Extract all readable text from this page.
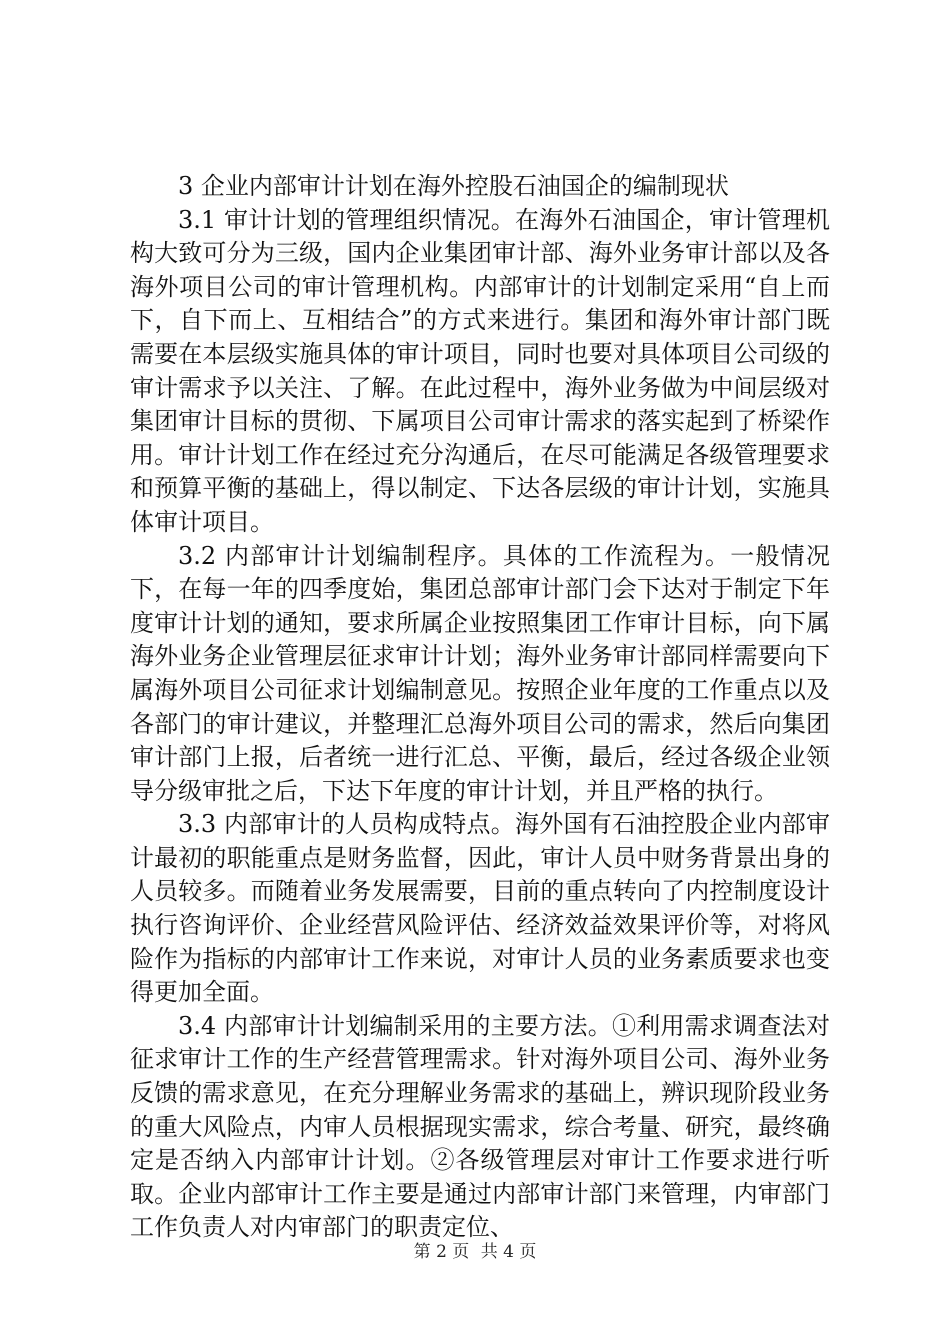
3 企业内部审计计划在海外控股石油国企的编制现状

3.1 审计计划的管理组织情况。在海外石油国企，审计管理机构大致可分为三级，国内企业集团审计部、海外业务审计部以及各海外项目公司的审计管理机构。内部审计的计划制定采用“自上而下，自下而上、互相结合”的方式来进行。集团和海外审计部门既需要在本层级实施具体的审计项目，同时也要对具体项目公司级的审计需求予以关注、了解。在此过程中，海外业务做为中间层级对集团审计目标的贯彻、下属项目公司审计需求的落实起到了桥梁作用。审计计划工作在经过充分沟通后，在尽可能满足各级管理要求和预算平衡的基础上，得以制定、下达各层级的审计计划，实施具体审计项目。

3.2 内部审计计划编制程序。具体的工作流程为。一般情况下，在每一年的四季度始，集团总部审计部门会下达对于制定下年度审计计划的通知，要求所属企业按照集团工作审计目标，向下属海外业务企业管理层征求审计计划；海外业务审计部同样需要向下属海外项目公司征求计划编制意见。按照企业年度的工作重点以及各部门的审计建议，并整理汇总海外项目公司的需求，然后向集团审计部门上报，后者统一进行汇总、平衡，最后，经过各级企业领导分级审批之后，下达下年度的审计计划，并且严格的执行。

3.3 内部审计的人员构成特点。海外国有石油控股企业内部审计最初的职能重点是财务监督，因此，审计人员中财务背景出身的人员较多。而随着业务发展需要，目前的重点转向了内控制度设计执行咨询评价、企业经营风险评估、经济效益效果评价等，对将风险作为指标的内部审计工作来说，对审计人员的业务素质要求也变得更加全面。

3.4 内部审计计划编制采用的主要方法。①利用需求调查法对征求审计工作的生产经营管理需求。针对海外项目公司、海外业务反馈的需求意见，在充分理解业务需求的基础上，辨识现阶段业务的重大风险点，内审人员根据现实需求，综合考量、研究，最终确定是否纳入内部审计计划。②各级管理层对审计工作要求进行听取。企业内部审计工作主要是通过内部审计部门来管理，内审部门工作负责人对内审部门的职责定位、

第 2 页 共 4 页
